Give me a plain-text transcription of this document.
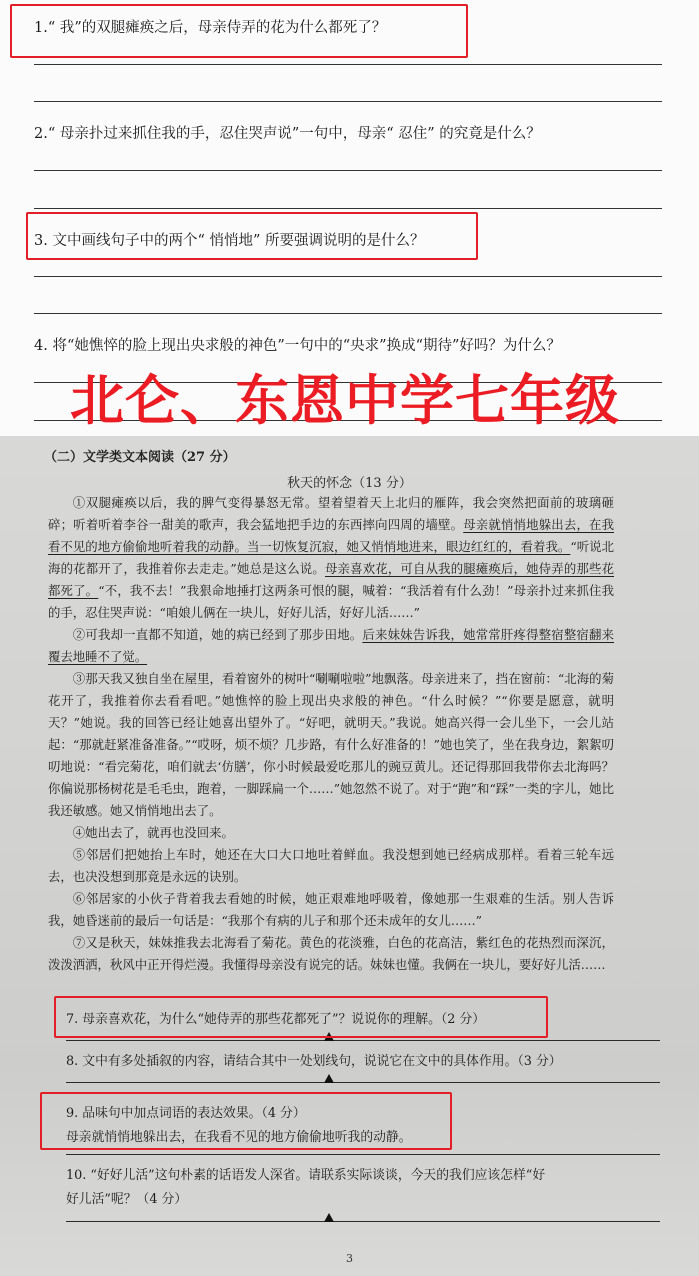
1.“ 我”的双腿瘫痪之后，母亲侍弄的花为什么都死了？
2.“ 母亲扑过来抓住我的手，忍住哭声说”一句中，母亲“ 忍住” 的究竟是什么？
3. 文中画线句子中的两个“ 悄悄地” 所要强调说明的是什么？
4. 将“她憔悴的脸上现出央求般的神色”一句中的“央求”换成“期待”好吗？为什么？
北仑、东恩中学七年级
（二）文学类文本阅读（27 分）
秋天的怀念（13 分）

①双腿瘫痪以后，我的脾气变得暴怒无常。望着望着天上北归的雁阵，我会突然把面前的玻璃砸碎；听着听着李谷一甜美的歌声，我会猛地把手边的东西摔向四周的墙壁。母亲就悄悄地躲出去，在我看不见的地方偷偷地听着我的动静。当一切恢复沉寂，她又悄悄地进来，眼边红红的，看着我。“听说北海的花都开了，我推着你去走走。”她总是这么说。母亲喜欢花，可自从我的腿瘫痪后，她侍弄的那些花都死了。“不，我不去！”我狠命地捶打这两条可恨的腿，喊着：“我活着有什么劲！”母亲扑过来抓住我的手，忍住哭声说：“咱娘儿俩在一块儿，好好儿活，好好儿活……”

②可我却一直都不知道，她的病已经到了那步田地。后来妹妹告诉我，她常常肝疼得整宿整宿翻来覆去地睡不了觉。

③那天我又独自坐在屋里，看着窗外的树叶“唰唰啦啦”地飘落。母亲进来了，挡在窗前：“北海的菊花开了，我推着你去看看吧。”她憔悴的脸上现出央求般的神色。“什么时候？”“你要是愿意，就明天？”她说。我的回答已经让她喜出望外了。“好吧，就明天。”我说。她高兴得一会儿坐下，一会儿站起：“那就赶紧准备准备。”“哎呀，烦不烦？几步路，有什么好准备的！”她也笑了，坐在我身边，絮絮叨叨地说：“看完菊花，咱们就去‘仿膳’，你小时候最爱吃那儿的豌豆黄儿。还记得那回我带你去北海吗？你偏说那杨树花是毛毛虫，跑着，一脚踩扁一个……”她忽然不说了。对于“跑”和“踩”一类的字儿，她比我还敏感。她又悄悄地出去了。

④她出去了，就再也没回来。

⑤邻居们把她抬上车时，她还在大口大口地吐着鲜血。我没想到她已经病成那样。看着三轮车远去，也决没想到那竟是永远的诀别。

⑥邻居家的小伙子背着我去看她的时候，她正艰难地呼吸着，像她那一生艰难的生活。别人告诉我，她昏迷前的最后一句话是：“我那个有病的儿子和那个还未成年的女儿……”

⑦又是秋天，妹妹推我去北海看了菊花。黄色的花淡雅，白色的花高洁，紫红色的花热烈而深沉，泼泼洒洒，秋风中正开得烂漫。我懂得母亲没有说完的话。妹妹也懂。我俩在一块儿，要好好儿活……

7. 母亲喜欢花，为什么“她侍弄的那些花都死了”？说说你的理解。（2 分）
8. 文中有多处插叙的内容，请结合其中一处划线句，说说它在文中的具体作用。（3 分）
9. 品味句中加点词语的表达效果。（4 分）
母亲就悄悄地躲出去，在我看不见的地方偷偷地听我的动静。
10. “好好儿活”这句朴素的话语发人深省。请联系实际谈谈，今天的我们应该怎样“好
好儿活”呢？（4 分）
3
